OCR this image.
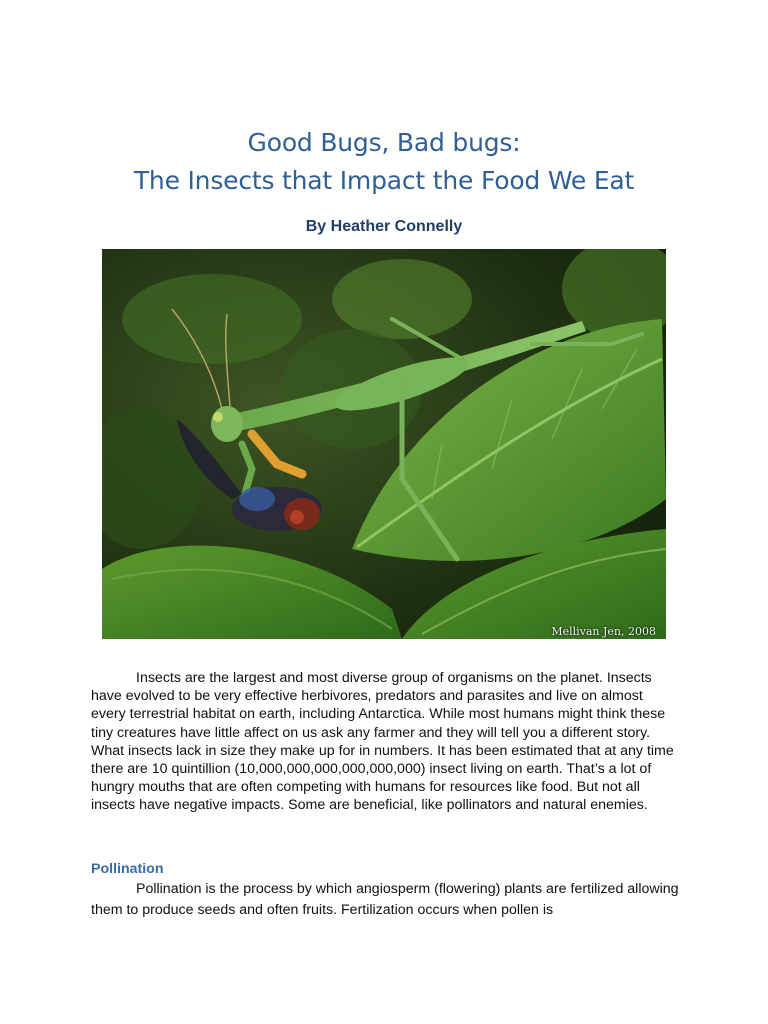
Good Bugs, Bad bugs:
The Insects that Impact the Food We Eat
By Heather Connelly
Mellivan Jen, 2008

Insects are the largest and most diverse group of organisms on the planet. Insects have evolved to be very effective herbivores, predators and parasites and live on almost every terrestrial habitat on earth, including Antarctica. While most humans might think these tiny creatures have little affect on us ask any farmer and they will tell you a different story. What insects lack in size they make up for in numbers. It has been estimated that at any time there are 10 quintillion (10,000,000,000,000,000,000) insect living on earth. That’s a lot of hungry mouths that are often competing with humans for resources like food. But not all insects have negative impacts. Some are beneficial, like pollinators and natural enemies.

Pollination

Pollination is the process by which angiosperm (flowering) plants are fertilized allowing them to produce seeds and often fruits. Fertilization occurs when pollen is
